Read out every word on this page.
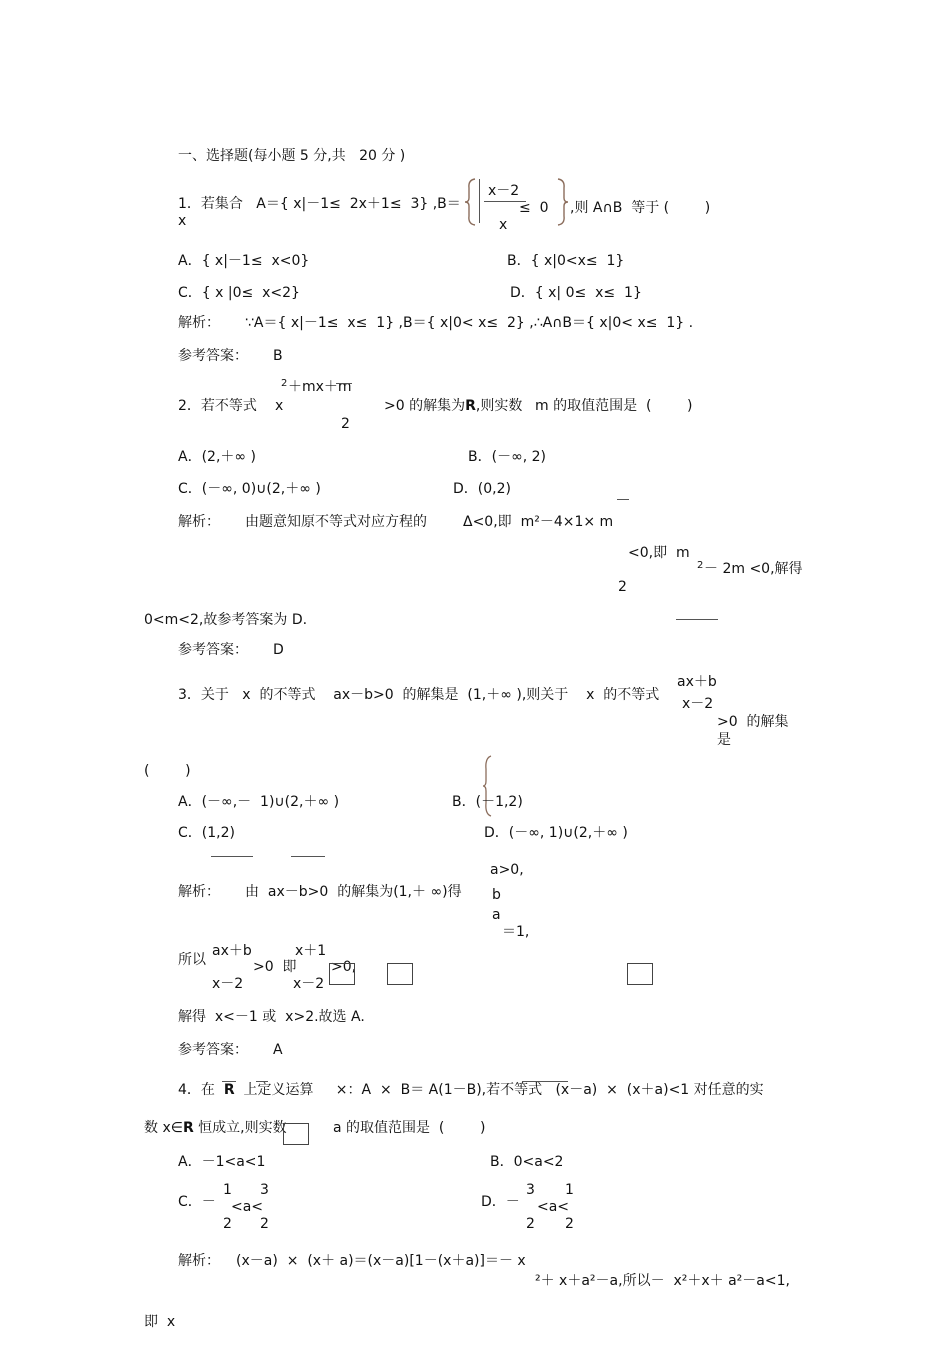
一、选择题(每小题 5 分,共   20 分 )
1．若集合   A＝{ x|－1≤  2x＋1≤  3} ,B＝
x－2
x
≤  0 ,则 A∩B  等于 (        )
x
A．{ x|－1≤  x<0}	B．{ x|0<x≤  1}
C．{ x |0≤  x<2}	D．{ x| 0≤  x≤  1}
解析： ∵A＝{ x|－1≤  x≤  1} ,B＝{ x|0< x≤  2} ,∴A∩B＝{ x|0< x≤  1} .
参考答案： B
2．若不等式 x
2 ＋mx＋m
2
>0 的解集为R,则实数 m 的取值范围是  (        )
A．(2,＋∞ )	B．(－∞, 2)
C．(－∞, 0)∪(2,＋∞ )	D．(0,2)
解析： 由题意知原不等式对应方程的	Δ<0,即  m²－4×1× m
<0,即  m
2
2 － 2m <0,解得
0<m<2,故参考答案为 D.
参考答案： D
3．关于   x  的不等式    ax－b>0  的解集是  (1,＋∞ ),则关于    x  的不等式
ax＋b
x－2
>0  的解集
是
(        )
A．(－∞,－  1)∪(2,＋∞ )	B．(－1,2)
C．(1,2)	D．(－∞, 1)∪(2,＋∞ )
解析： 由  ax－b>0  的解集为(1,＋ ∞)得
a>0,
b
a
＝1,
所以
ax＋b
x－2
>0  即
x＋1
x－2
>0,
解得  x<－1 或  x>2.故选 A.
参考答案： A
4．在 R 上定义运算     ×：A  ×  B＝ A(1－B),若不等式   (x－a)  ×  (x＋a)<1 对任意的实
数 x∈R 恒成立,则实数	a 的取值范围是  (        )
A．－1<a<1	B．0<a<2
C．－
1
2
<a<
3
2
D．－
3
2
<a<
1
2
解析： (x－a)  ×  (x＋ a)＝(x－a)[1－(x＋a)]＝－ x
²＋ x＋a²－a,所以－  x²＋x＋ a²－a<1,
即  x
